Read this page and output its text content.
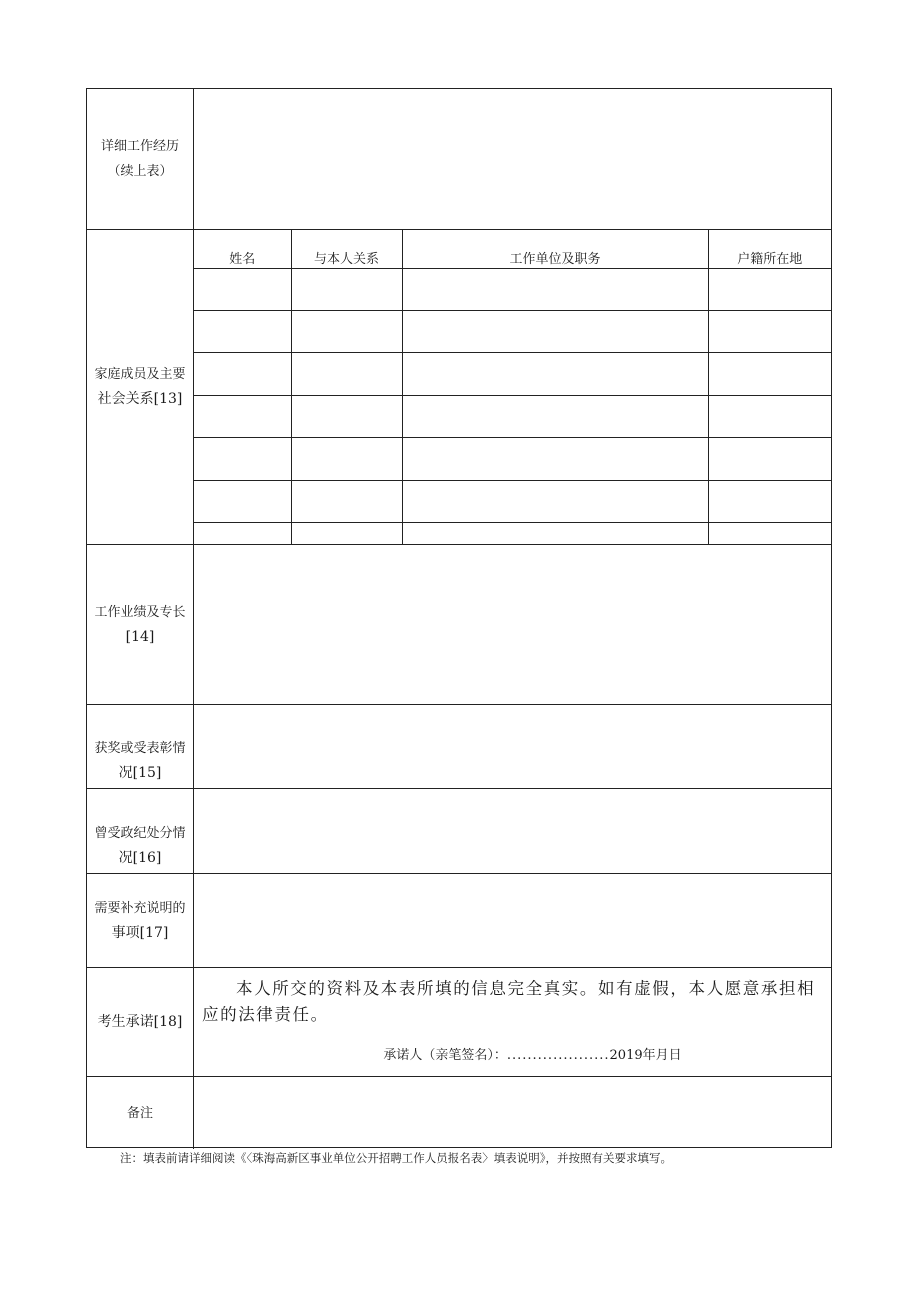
详细工作经历
（续上表）
家庭成员及主要
社会关系[13]
姓名	与本人关系	工作单位及职务	户籍所在地

工作业绩及专长
[14]
获奖或受表彰情
况[15]
曾受政纪处分情
况[16]
需要补充说明的
事项[17]
考生承诺[18]
本人所交的资料及本表所填的信息完全真实。如有虚假，本人愿意承担相应的法律责任。
承诺人（亲笔签名）：....................2019年月日
备注
注：填表前请详细阅读《〈珠海高新区事业单位公开招聘工作人员报名表〉填表说明》，并按照有关要求填写。
